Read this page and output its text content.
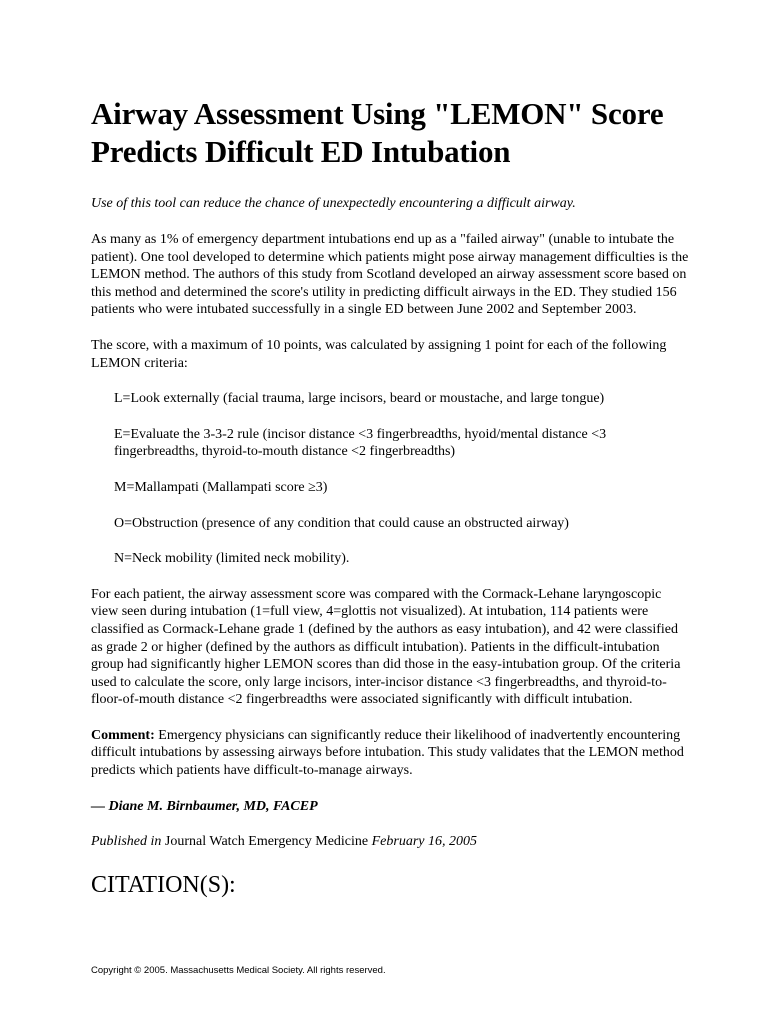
Airway Assessment Using "LEMON" Score
Predicts Difficult ED Intubation

Use of this tool can reduce the chance of unexpectedly encountering a difficult airway.

As many as 1% of emergency department intubations end up as a "failed airway" (unable to intubate the patient). One tool developed to determine which patients might pose airway management difficulties is the LEMON method. The authors of this study from Scotland developed an airway assessment score based on this method and determined the score's utility in predicting difficult airways in the ED. They studied 156 patients who were intubated successfully in a single ED between June 2002 and September 2003.

The score, with a maximum of 10 points, was calculated by assigning 1 point for each of the following LEMON criteria:

L=Look externally (facial trauma, large incisors, beard or moustache, and large tongue)

E=Evaluate the 3-3-2 rule (incisor distance <3 fingerbreadths, hyoid/mental distance <3 fingerbreadths, thyroid-to-mouth distance <2 fingerbreadths)

M=Mallampati (Mallampati score ≥3)

O=Obstruction (presence of any condition that could cause an obstructed airway)

N=Neck mobility (limited neck mobility).

For each patient, the airway assessment score was compared with the Cormack-Lehane laryngoscopic view seen during intubation (1=full view, 4=glottis not visualized). At intubation, 114 patients were classified as Cormack-Lehane grade 1 (defined by the authors as easy intubation), and 42 were classified as grade 2 or higher (defined by the authors as difficult intubation). Patients in the difficult-intubation group had significantly higher LEMON scores than did those in the easy-intubation group. Of the criteria used to calculate the score, only large incisors, inter-incisor distance <3 fingerbreadths, and thyroid-to-floor-of-mouth distance <2 fingerbreadths were associated significantly with difficult intubation.

Comment: Emergency physicians can significantly reduce their likelihood of inadvertently encountering difficult intubations by assessing airways before intubation. This study validates that the LEMON method predicts which patients have difficult-to-manage airways.

— Diane M. Birnbaumer, MD, FACEP

Published in Journal Watch Emergency Medicine February 16, 2005

CITATION(S):
Copyright © 2005. Massachusetts Medical Society. All rights reserved.
